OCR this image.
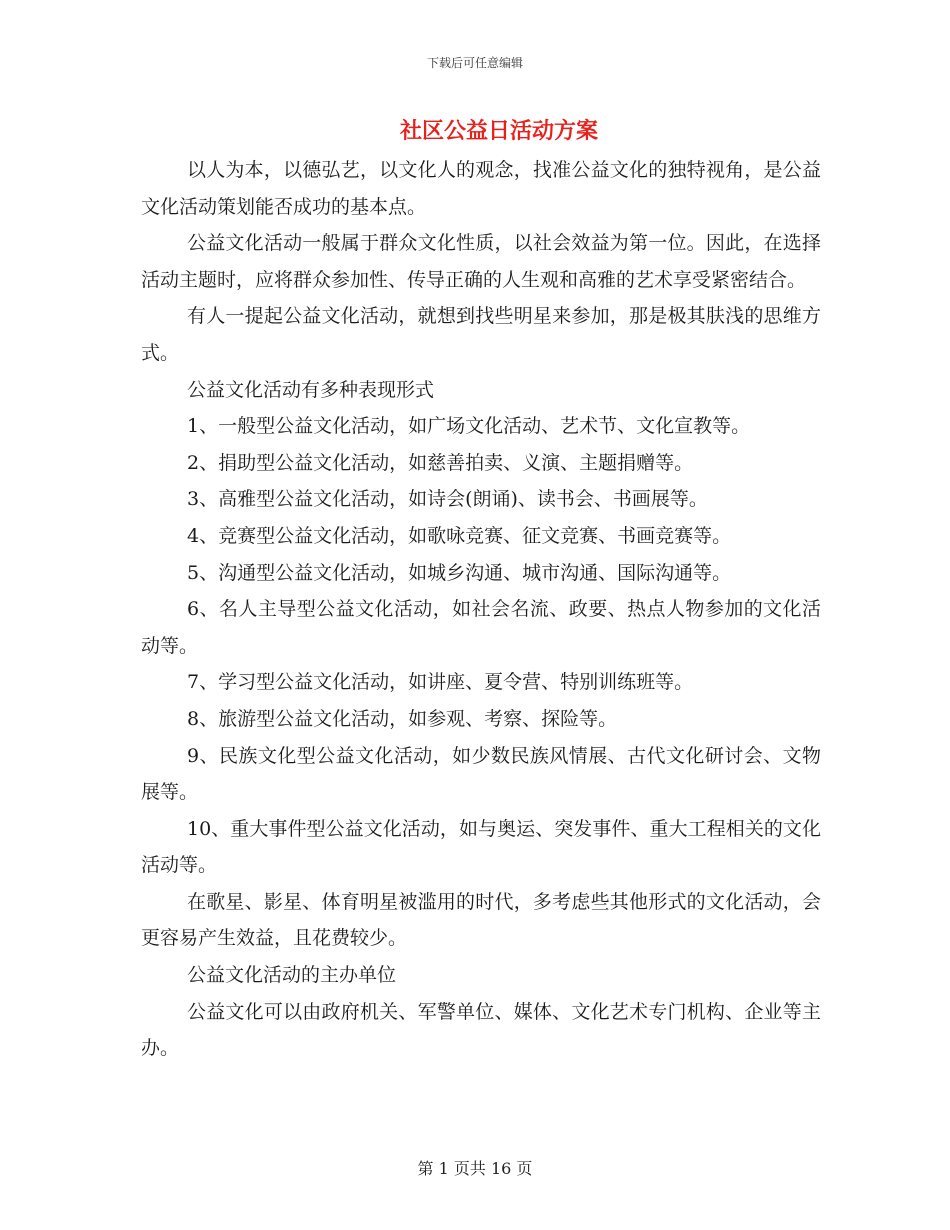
下载后可任意编辑
社区公益日活动方案

以人为本，以德弘艺，以文化人的观念，找准公益文化的独特视角，是公益文化活动策划能否成功的基本点。

公益文化活动一般属于群众文化性质，以社会效益为第一位。因此，在选择活动主题时，应将群众参加性、传导正确的人生观和高雅的艺术享受紧密结合。

有人一提起公益文化活动，就想到找些明星来参加，那是极其肤浅的思维方式。

公益文化活动有多种表现形式

1、一般型公益文化活动，如广场文化活动、艺术节、文化宣教等。

2、捐助型公益文化活动，如慈善拍卖、义演、主题捐赠等。

3、高雅型公益文化活动，如诗会(朗诵)、读书会、书画展等。

4、竞赛型公益文化活动，如歌咏竞赛、征文竞赛、书画竞赛等。

5、沟通型公益文化活动，如城乡沟通、城市沟通、国际沟通等。

6、名人主导型公益文化活动，如社会名流、政要、热点人物参加的文化活动等。

7、学习型公益文化活动，如讲座、夏令营、特别训练班等。

8、旅游型公益文化活动，如参观、考察、探险等。

9、民族文化型公益文化活动，如少数民族风情展、古代文化研讨会、文物展等。

10、重大事件型公益文化活动，如与奥运、突发事件、重大工程相关的文化活动等。

在歌星、影星、体育明星被滥用的时代，多考虑些其他形式的文化活动，会更容易产生效益，且花费较少。

公益文化活动的主办单位

公益文化可以由政府机关、军警单位、媒体、文化艺术专门机构、企业等主办。

第 1 页共 16 页
